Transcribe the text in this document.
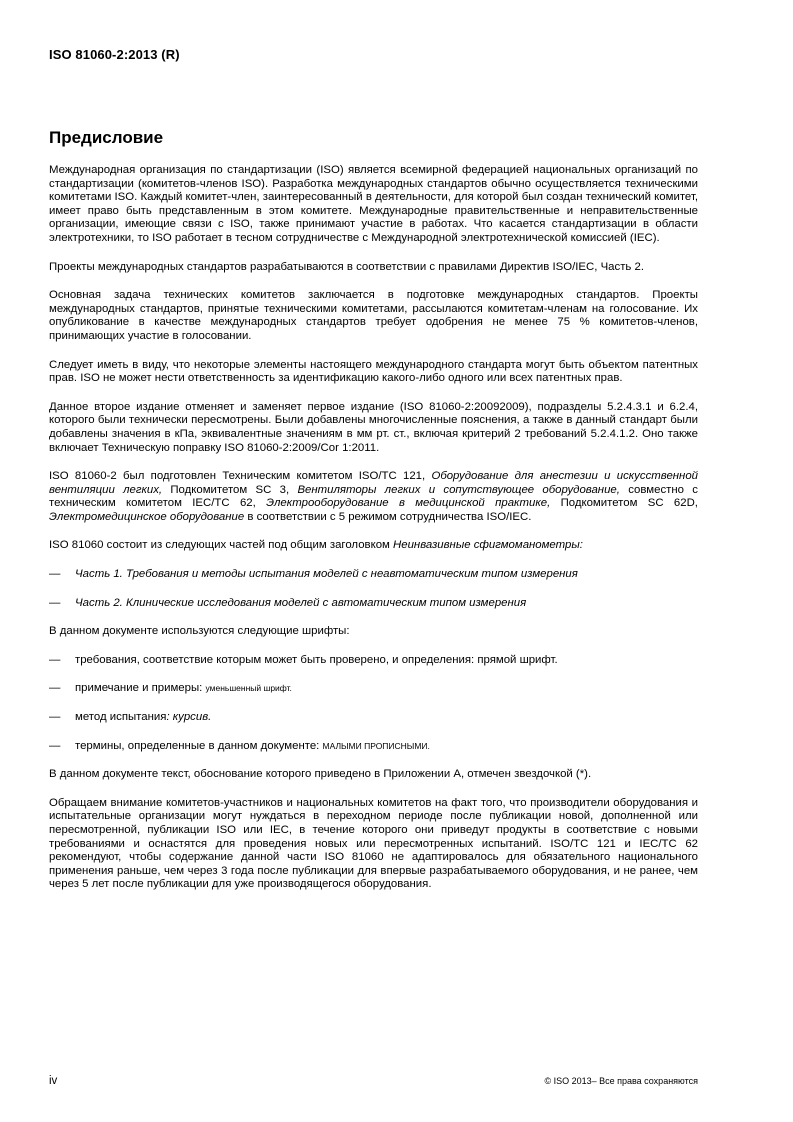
ISO 81060-2:2013 (R)
Предисловие

Международная организация по стандартизации (ISO) является всемирной федерацией национальных организаций по стандартизации (комитетов-членов ISO). Разработка международных стандартов обычно осуществляется техническими комитетами ISO. Каждый комитет-член, заинтересованный в деятельности, для которой был создан технический комитет, имеет право быть представленным в этом комитете. Международные правительственные и неправительственные организации, имеющие связи с ISO, также принимают участие в работах. Что касается стандартизации в области электротехники, то ISO работает в тесном сотрудничестве с Международной электротехнической комиссией (IEC).

Проекты международных стандартов разрабатываются в соответствии с правилами Директив ISO/IEC, Часть 2.

Основная задача технических комитетов заключается в подготовке международных стандартов. Проекты международных стандартов, принятые техническими комитетами, рассылаются комитетам-членам на голосование. Их опубликование в качестве международных стандартов требует одобрения не менее 75 % комитетов-членов, принимающих участие в голосовании.

Следует иметь в виду, что некоторые элементы настоящего международного стандарта могут быть объектом патентных прав. ISO не может нести ответственность за идентификацию какого-либо одного или всех патентных прав.

Данное второе издание отменяет и заменяет первое издание (ISO 81060-2:20092009), подразделы 5.2.4.3.1 и 6.2.4, которого были технически пересмотрены. Были добавлены многочисленные пояснения, а также в данный стандарт были добавлены значения в кПа, эквивалентные значениям в мм рт. ст., включая критерий 2 требований 5.2.4.1.2. Оно также включает Техническую поправку ISO 81060-2:2009/Cor 1:2011.

ISO 81060-2 был подготовлен Техническим комитетом ISO/TC 121, Оборудование для анестезии и искусственной вентиляции легких, Подкомитетом SC 3, Вентиляторы легких и сопутствующее оборудование, совместно с техническим комитетом IEC/TC 62, Электрооборудование в медицинской практике, Подкомитетом SC 62D, Электромедицинское оборудование в соответствии с 5 режимом сотрудничества ISO/IEC.

ISO 81060 состоит из следующих частей под общим заголовком Неинвазивные сфигмоманометры:

—	Часть 1. Требования и методы испытания моделей с неавтоматическим типом измерения
—	Часть 2. Клинические исследования моделей с автоматическим типом измерения

В данном документе используются следующие шрифты:

—	требования, соответствие которым может быть проверено, и определения: прямой шрифт.
—	примечание и примеры: уменьшенный шрифт.
—	метод испытания: курсив.
—	термины, определенные в данном документе: МАЛЫМИ ПРОПИСНЫМИ.

В данном документе текст, обоснование которого приведено в Приложении А, отмечен звездочкой (*).

Обращаем внимание комитетов-участников и национальных комитетов на факт того, что производители оборудования и испытательные организации могут нуждаться в переходном периоде после публикации новой, дополненной или пересмотренной, публикации ISO или IEC, в течение которого они приведут продукты в соответствие с новыми требованиями и оснастятся для проведения новых или пересмотренных испытаний. ISO/TC 121 и IEC/TC 62 рекомендуют, чтобы содержание данной части ISO 81060 не адаптировалось для обязательного национального применения раньше, чем через 3 года после публикации для впервые разрабатываемого оборудования, и не ранее, чем через 5 лет после публикации для уже производящегося оборудования.

iv	© ISO 2013– Все права сохраняются
